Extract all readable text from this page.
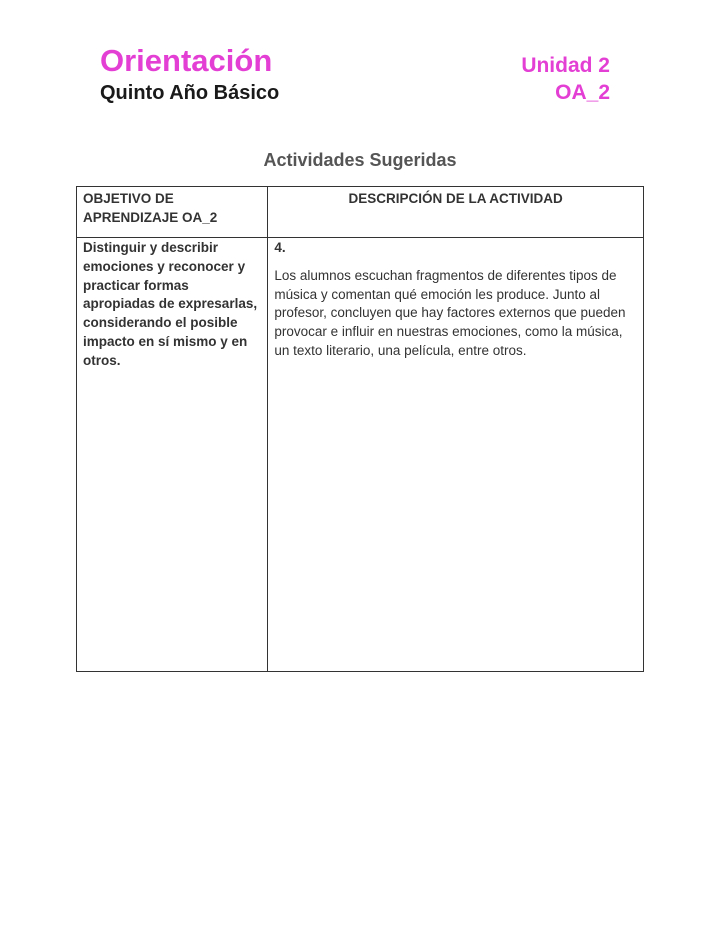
Orientación
Quinto Año Básico
Unidad 2
OA_2
Actividades Sugeridas
OBJETIVO DE APRENDIZAJE OA_2	DESCRIPCIÓN DE LA ACTIVIDAD
Distinguir y describir emociones y reconocer y practicar formas apropiadas de expresarlas, considerando el posible impacto en sí mismo y en otros.	4.
Los alumnos escuchan fragmentos de diferentes tipos de música y comentan qué emoción les produce. Junto al profesor, concluyen que hay factores externos que pueden provocar e influir en nuestras emociones, como la música, un texto literario, una película, entre otros.
